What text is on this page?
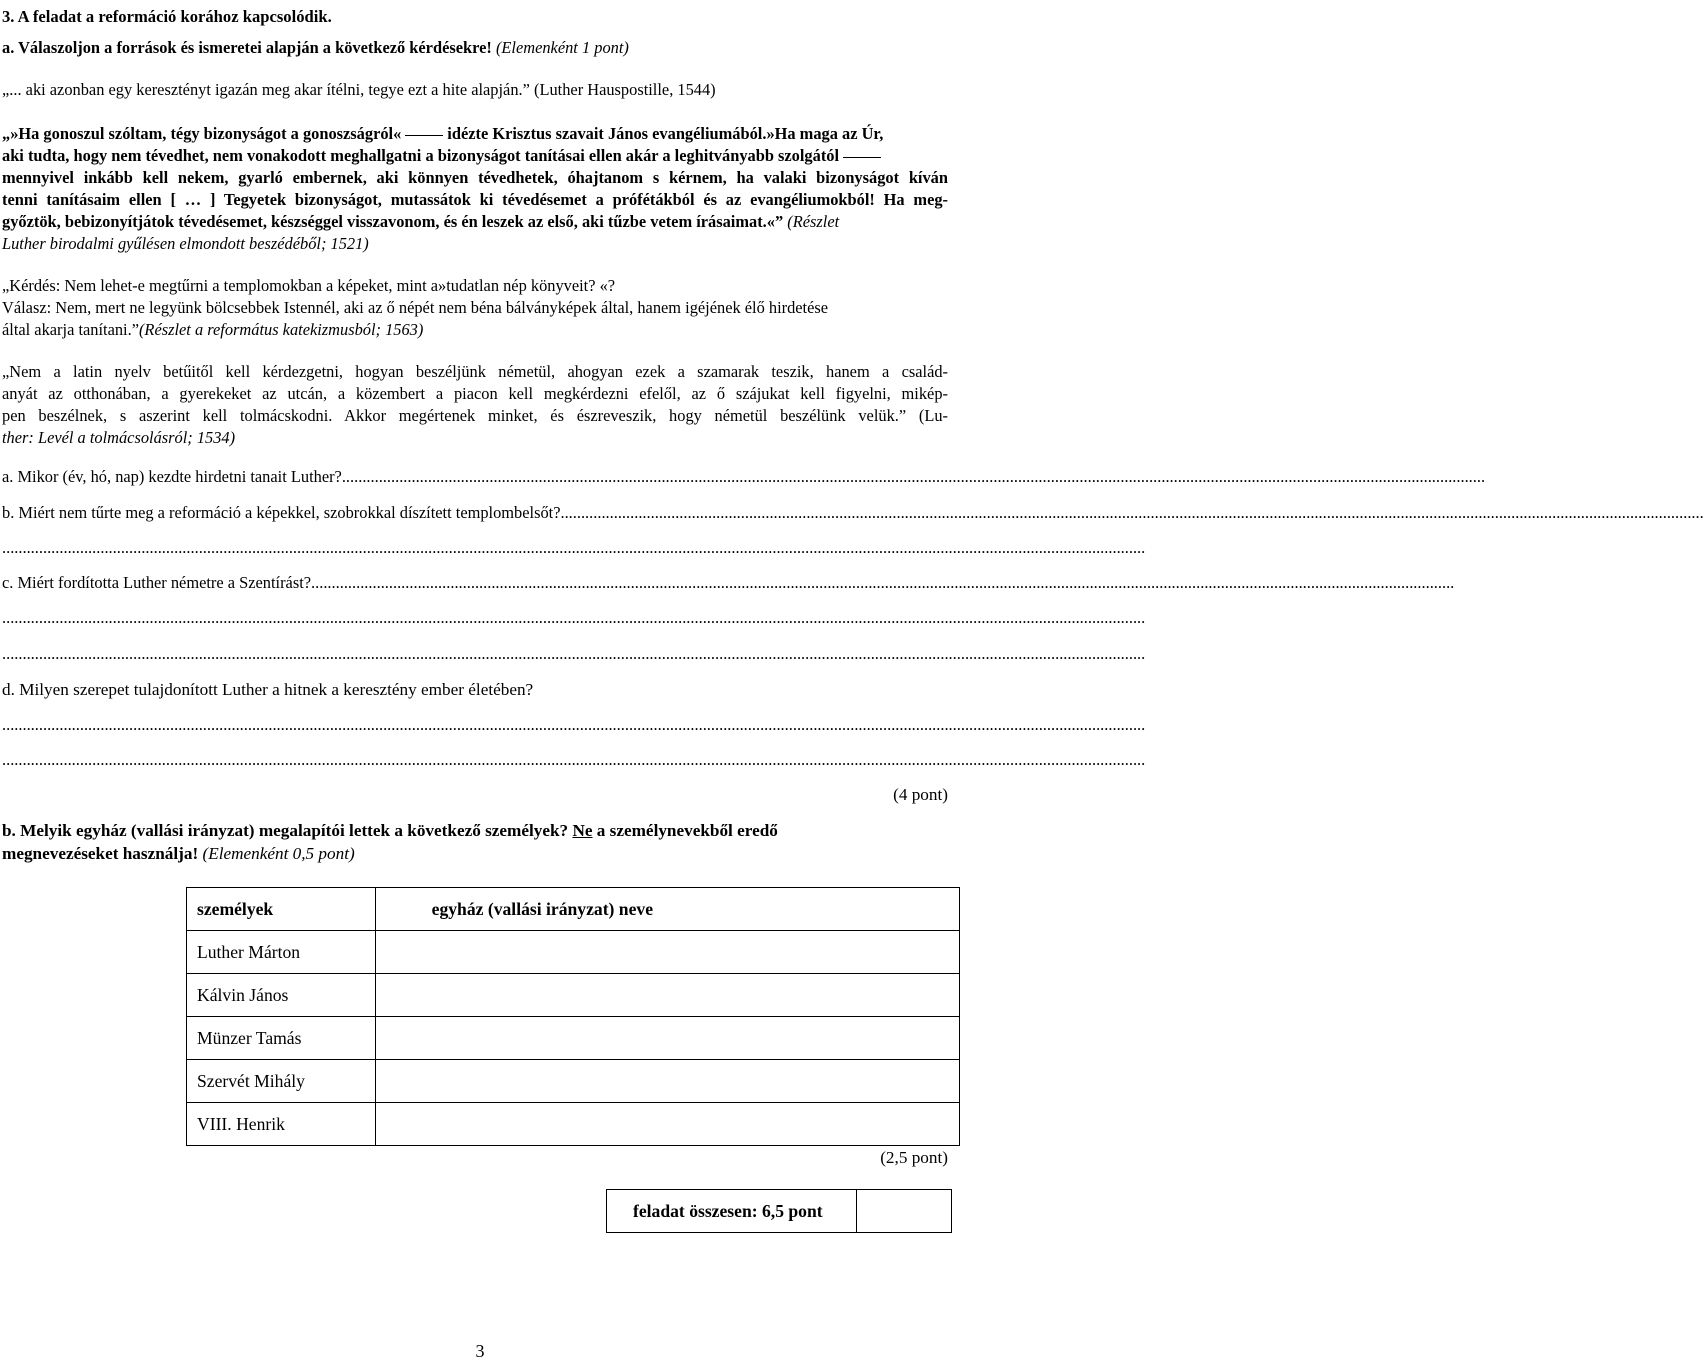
3. A feladat a reformáció korához kapcsolódik.
a. Válaszoljon a források és ismeretei alapján a következő kérdésekre! (Elemenként 1 pont)
„... aki azonban egy keresztényt igazán meg akar ítélni, tegye ezt a hite alapján.” (Luther Hauspostille, 1544)
„»Ha gonoszul szóltam, tégy bizonyságot a gonoszságról«	idézte Krisztus szavait János evangéliumából.»Ha maga az Úr,
aki tudta, hogy nem tévedhet, nem vonakodott meghallgatni a bizonyságot tanításai ellen akár a leghitványabb szolgától
mennyivel inkább kell nekem, gyarló embernek, aki könnyen tévedhetek, óhajtanom s kérnem, ha valaki bizonyságot kíván
tenni tanításaim ellen [ … ] Tegyetek bizonyságot, mutassátok ki tévedésemet a prófétákból és az evangéliumokból! Ha meg-
győztök, bebizonyítjátok tévedésemet, készséggel visszavonom, és én leszek az első, aki tűzbe vetem írásaimat.«” (Részlet
Luther birodalmi gyűlésen elmondott beszédéből; 1521)
„Kérdés: Nem lehet-e megtűrni a templomokban a képeket, mint a»tudatlan nép könyveit? «?
Válasz: Nem, mert ne legyünk bölcsebbek Istennél, aki az ő népét nem béna bálványképek által, hanem igéjének élő hirdetése
által akarja tanítani.”(Részlet a református katekizmusból; 1563)
„Nem a latin nyelv betűitől kell kérdezgetni, hogyan beszéljünk németül, ahogyan ezek a szamarak teszik, hanem a család-
anyát az otthonában, a gyerekeket az utcán, a közembert a piacon kell megkérdezni efelől, az ő szájukat kell figyelni, mikép-
pen beszélnek, s aszerint kell tolmácskodni. Akkor megértenek minket, és észreveszik, hogy németül beszélünk velük.” (Lu-
ther: Levél a tolmácsolásról; 1534)
a. Mikor (év, hó, nap) kezdte hirdetni tanait Luther?.......................................................................................................................................................................................................................................................................................
b. Miért nem tűrte meg a reformáció a képekkel, szobrokkal díszített templombelsőt?.......................................................................................................................................................................................................................................................................................
.......................................................................................................................................................................................................................................................................................
c. Miért fordította Luther németre a Szentírást?.......................................................................................................................................................................................................................................................................................
.......................................................................................................................................................................................................................................................................................
.......................................................................................................................................................................................................................................................................................
d. Milyen szerepet tulajdonított Luther a hitnek a keresztény ember életében?
.......................................................................................................................................................................................................................................................................................
.......................................................................................................................................................................................................................................................................................
(4 pont)
b. Melyik egyház (vallási irányzat) megalapítói lettek a következő személyek? Ne a személynevekből eredő
megnevezéseket használja! (Elemenként 0,5 pont)
személyek	egyház (vallási irányzat) neve
Luther Márton	
Kálvin János	
Münzer Tamás	
Szervét Mihály	
VIII. Henrik	
(2,5 pont)
feladat összesen: 6,5 pont
3
